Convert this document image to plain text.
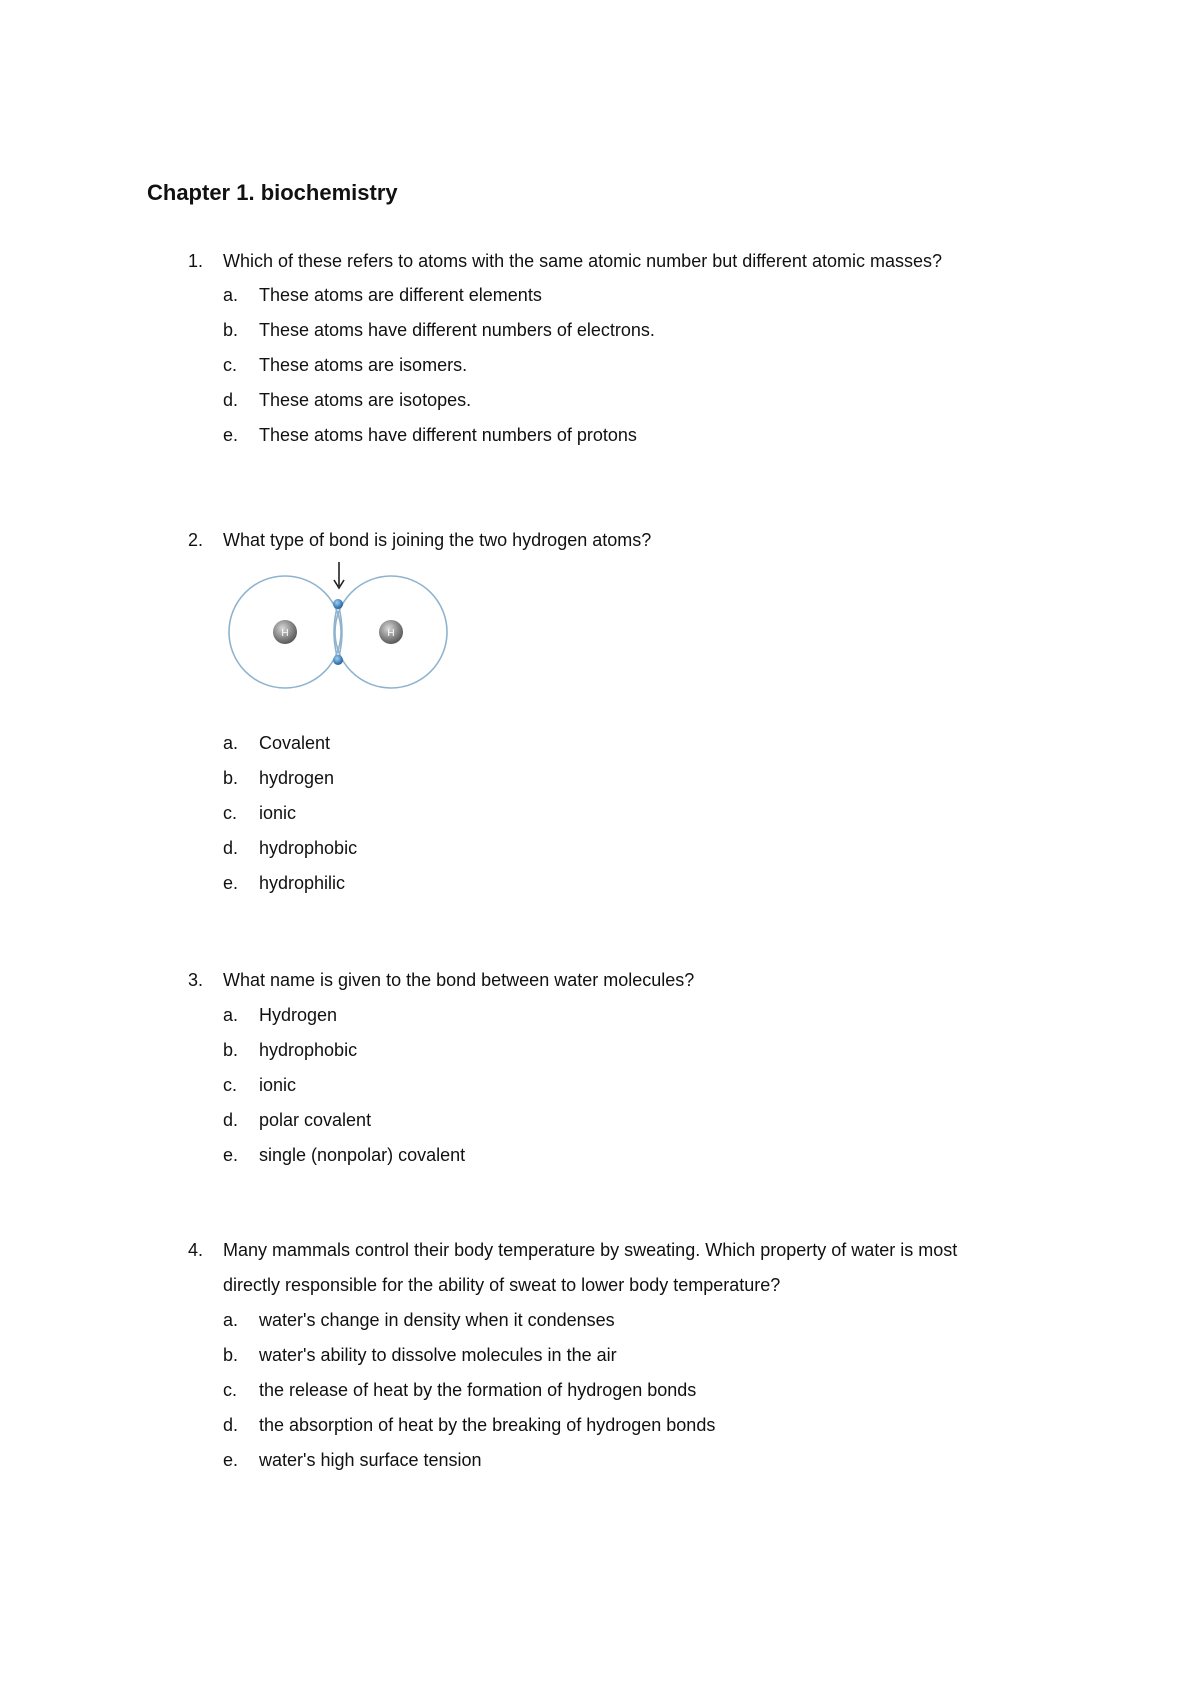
Chapter 1. biochemistry
1. Which of these refers to atoms with the same atomic number but different atomic masses?
a. These atoms are different elements
b. These atoms have different numbers of electrons.
c. These atoms are isomers.
d. These atoms are isotopes.
e. These atoms have different numbers of protons
2. What type of bond is joining the two hydrogen atoms?
H	H
a. Covalent
b. hydrogen
c. ionic
d. hydrophobic
e. hydrophilic
3. What name is given to the bond between water molecules?
a. Hydrogen
b. hydrophobic
c. ionic
d. polar covalent
e. single (nonpolar) covalent
4. Many mammals control their body temperature by sweating. Which property of water is most
directly responsible for the ability of sweat to lower body temperature?
a. water's change in density when it condenses
b. water's ability to dissolve molecules in the air
c. the release of heat by the formation of hydrogen bonds
d. the absorption of heat by the breaking of hydrogen bonds
e. water's high surface tension
